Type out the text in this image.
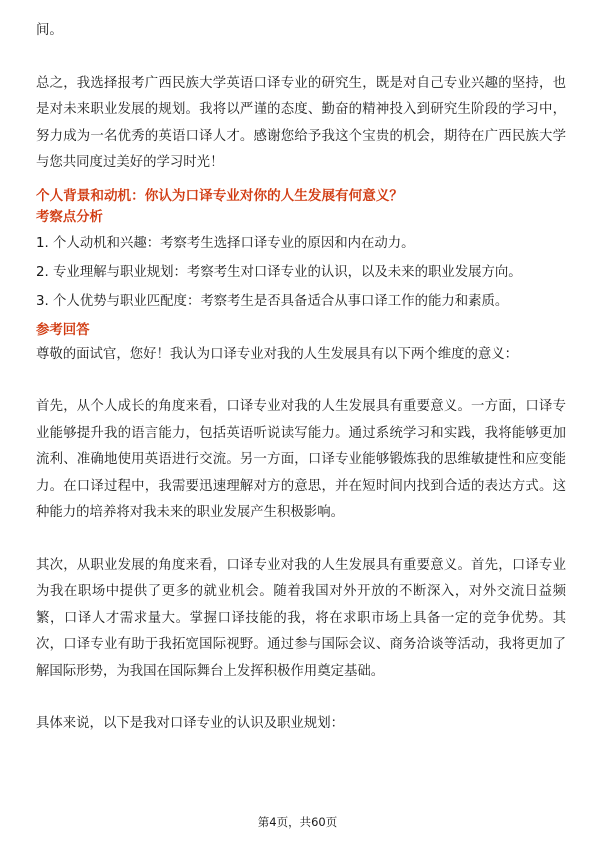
间。

总之，我选择报考广西民族大学英语口译专业的研究生，既是对自己专业兴趣的坚持，也是对未来职业发展的规划。我将以严谨的态度、勤奋的精神投入到研究生阶段的学习中，努力成为一名优秀的英语口译人才。感谢您给予我这个宝贵的机会，期待在广西民族大学与您共同度过美好的学习时光！

个人背景和动机：你认为口译专业对你的人生发展有何意义？

考察点分析

1. 个人动机和兴趣：考察考生选择口译专业的原因和内在动力。

2. 专业理解与职业规划：考察考生对口译专业的认识，以及未来的职业发展方向。

3. 个人优势与职业匹配度：考察考生是否具备适合从事口译工作的能力和素质。

参考回答

尊敬的面试官，您好！我认为口译专业对我的人生发展具有以下两个维度的意义：

首先，从个人成长的角度来看，口译专业对我的人生发展具有重要意义。一方面，口译专业能够提升我的语言能力，包括英语听说读写能力。通过系统学习和实践，我将能够更加流利、准确地使用英语进行交流。另一方面，口译专业能够锻炼我的思维敏捷性和应变能力。在口译过程中，我需要迅速理解对方的意思，并在短时间内找到合适的表达方式。这种能力的培养将对我未来的职业发展产生积极影响。

其次，从职业发展的角度来看，口译专业对我的人生发展具有重要意义。首先，口译专业为我在职场中提供了更多的就业机会。随着我国对外开放的不断深入，对外交流日益频繁，口译人才需求量大。掌握口译技能的我，将在求职市场上具备一定的竞争优势。其次，口译专业有助于我拓宽国际视野。通过参与国际会议、商务洽谈等活动，我将更加了解国际形势，为我国在国际舞台上发挥积极作用奠定基础。

具体来说，以下是我对口译专业的认识及职业规划：

第4页，共60页
